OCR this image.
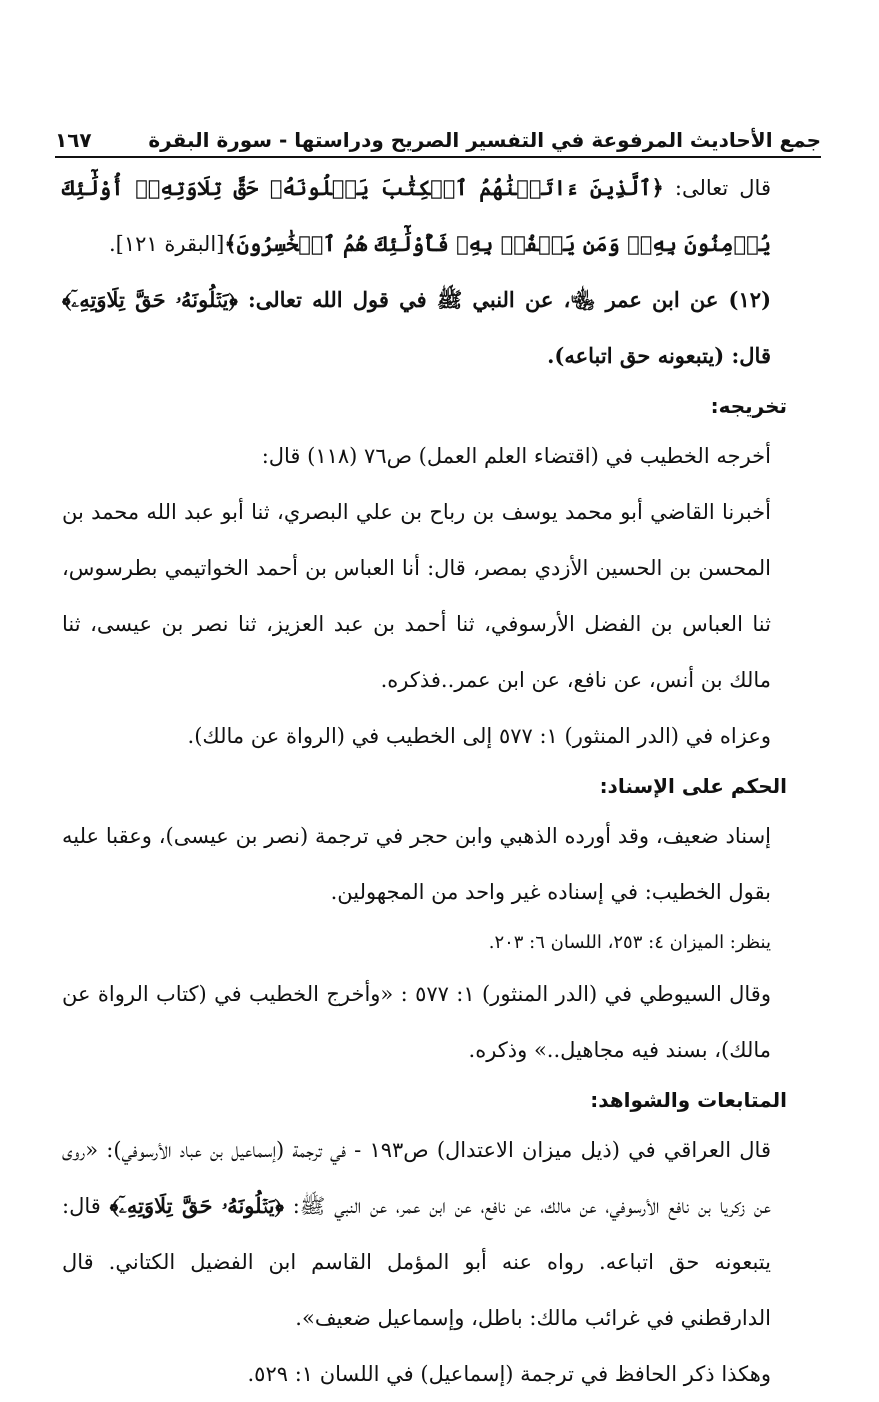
١٦٧	جمع الأحاديث المرفوعة في التفسير الصريح ودراستها - سورة البقرة

قال تعالى: ﴿ٱلَّذِينَ ءَاتَيۡنَٰهُمُ ٱلۡكِتَٰبَ يَتۡلُونَهُۥ حَقَّ تِلَاوَتِهِۦٓ أُوْلَٰٓئِكَ يُؤۡمِنُونَ بِهِۦۗ وَمَن يَكۡفُرۡ بِهِۦ فَأُوْلَٰٓئِكَ هُمُ ٱلۡخَٰسِرُونَ﴾[البقرة ١٢١].

(١٢) عن ابن عمر ﵄، عن النبي ﷺ في قول الله تعالى: ﴿يَتۡلُونَهُۥ حَقَّ تِلَاوَتِهِۦٓ﴾ قال: (يتبعونه حق اتباعه).

تخريجه:

أخرجه الخطيب في (اقتضاء العلم العمل) ص٧٦ (١١٨) قال:

أخبرنا القاضي أبو محمد يوسف بن رباح بن علي البصري، ثنا أبو عبد الله محمد بن المحسن بن الحسين الأزدي بمصر، قال: أنا العباس بن أحمد الخواتيمي بطرسوس، ثنا العباس بن الفضل الأرسوفي، ثنا أحمد بن عبد العزيز، ثنا نصر بن عيسى، ثنا مالك بن أنس، عن نافع، عن ابن عمر..فذكره.

وعزاه في (الدر المنثور) ١: ٥٧٧ إلى الخطيب في (الرواة عن مالك).

الحكم على الإسناد:

إسناد ضعيف، وقد أورده الذهبي وابن حجر في ترجمة (نصر بن عيسى)، وعقبا عليه بقول الخطيب: في إسناده غير واحد من المجهولين.

ينظر: الميزان ٤: ٢٥٣، اللسان ٦: ٢٠٣.

وقال السيوطي في (الدر المنثور) ١: ٥٧٧ : «وأخرج الخطيب في (كتاب الرواة عن مالك)، بسند فيه مجاهيل..» وذكره.

المتابعات والشواهد:

قال العراقي في (ذيل ميزان الاعتدال) ص١٩٣ - في ترجمة (إسماعيل بن عباد الأرسوفي): «روى عن زكريا بن نافع الأرسوفي، عن مالك، عن نافع، عن ابن عمر، عن النبي ﷺ: ﴿يَتۡلُونَهُۥ حَقَّ تِلَاوَتِهِۦٓ﴾ قال: يتبعونه حق اتباعه. رواه عنه أبو المؤمل القاسم ابن الفضيل الكتاني. قال الدارقطني في غرائب مالك: باطل، وإسماعيل ضعيف».

وهكذا ذكر الحافظ في ترجمة (إسماعيل) في اللسان ١: ٥٢٩.
